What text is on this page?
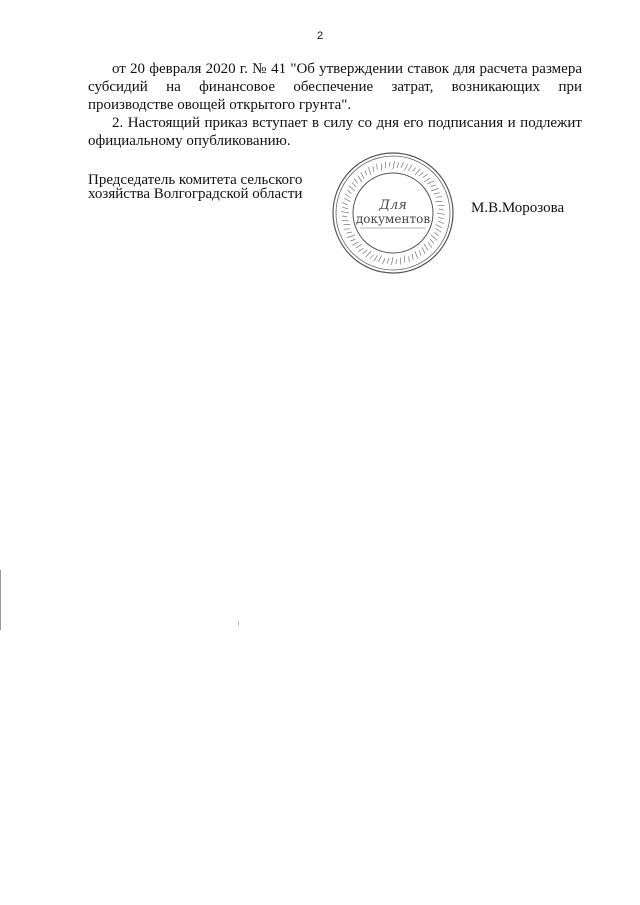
2

от 20 февраля 2020 г. № 41 "Об утверждении ставок для расчета размера субсидий на финансовое обеспечение затрат, возникающих при производстве овощей открытого грунта".

2. Настоящий приказ вступает в силу со дня его подписания и подлежит официальному опубликованию.

Председатель комитета сельского
хозяйства Волгоградской области
Для
документов
М.В.Морозова
